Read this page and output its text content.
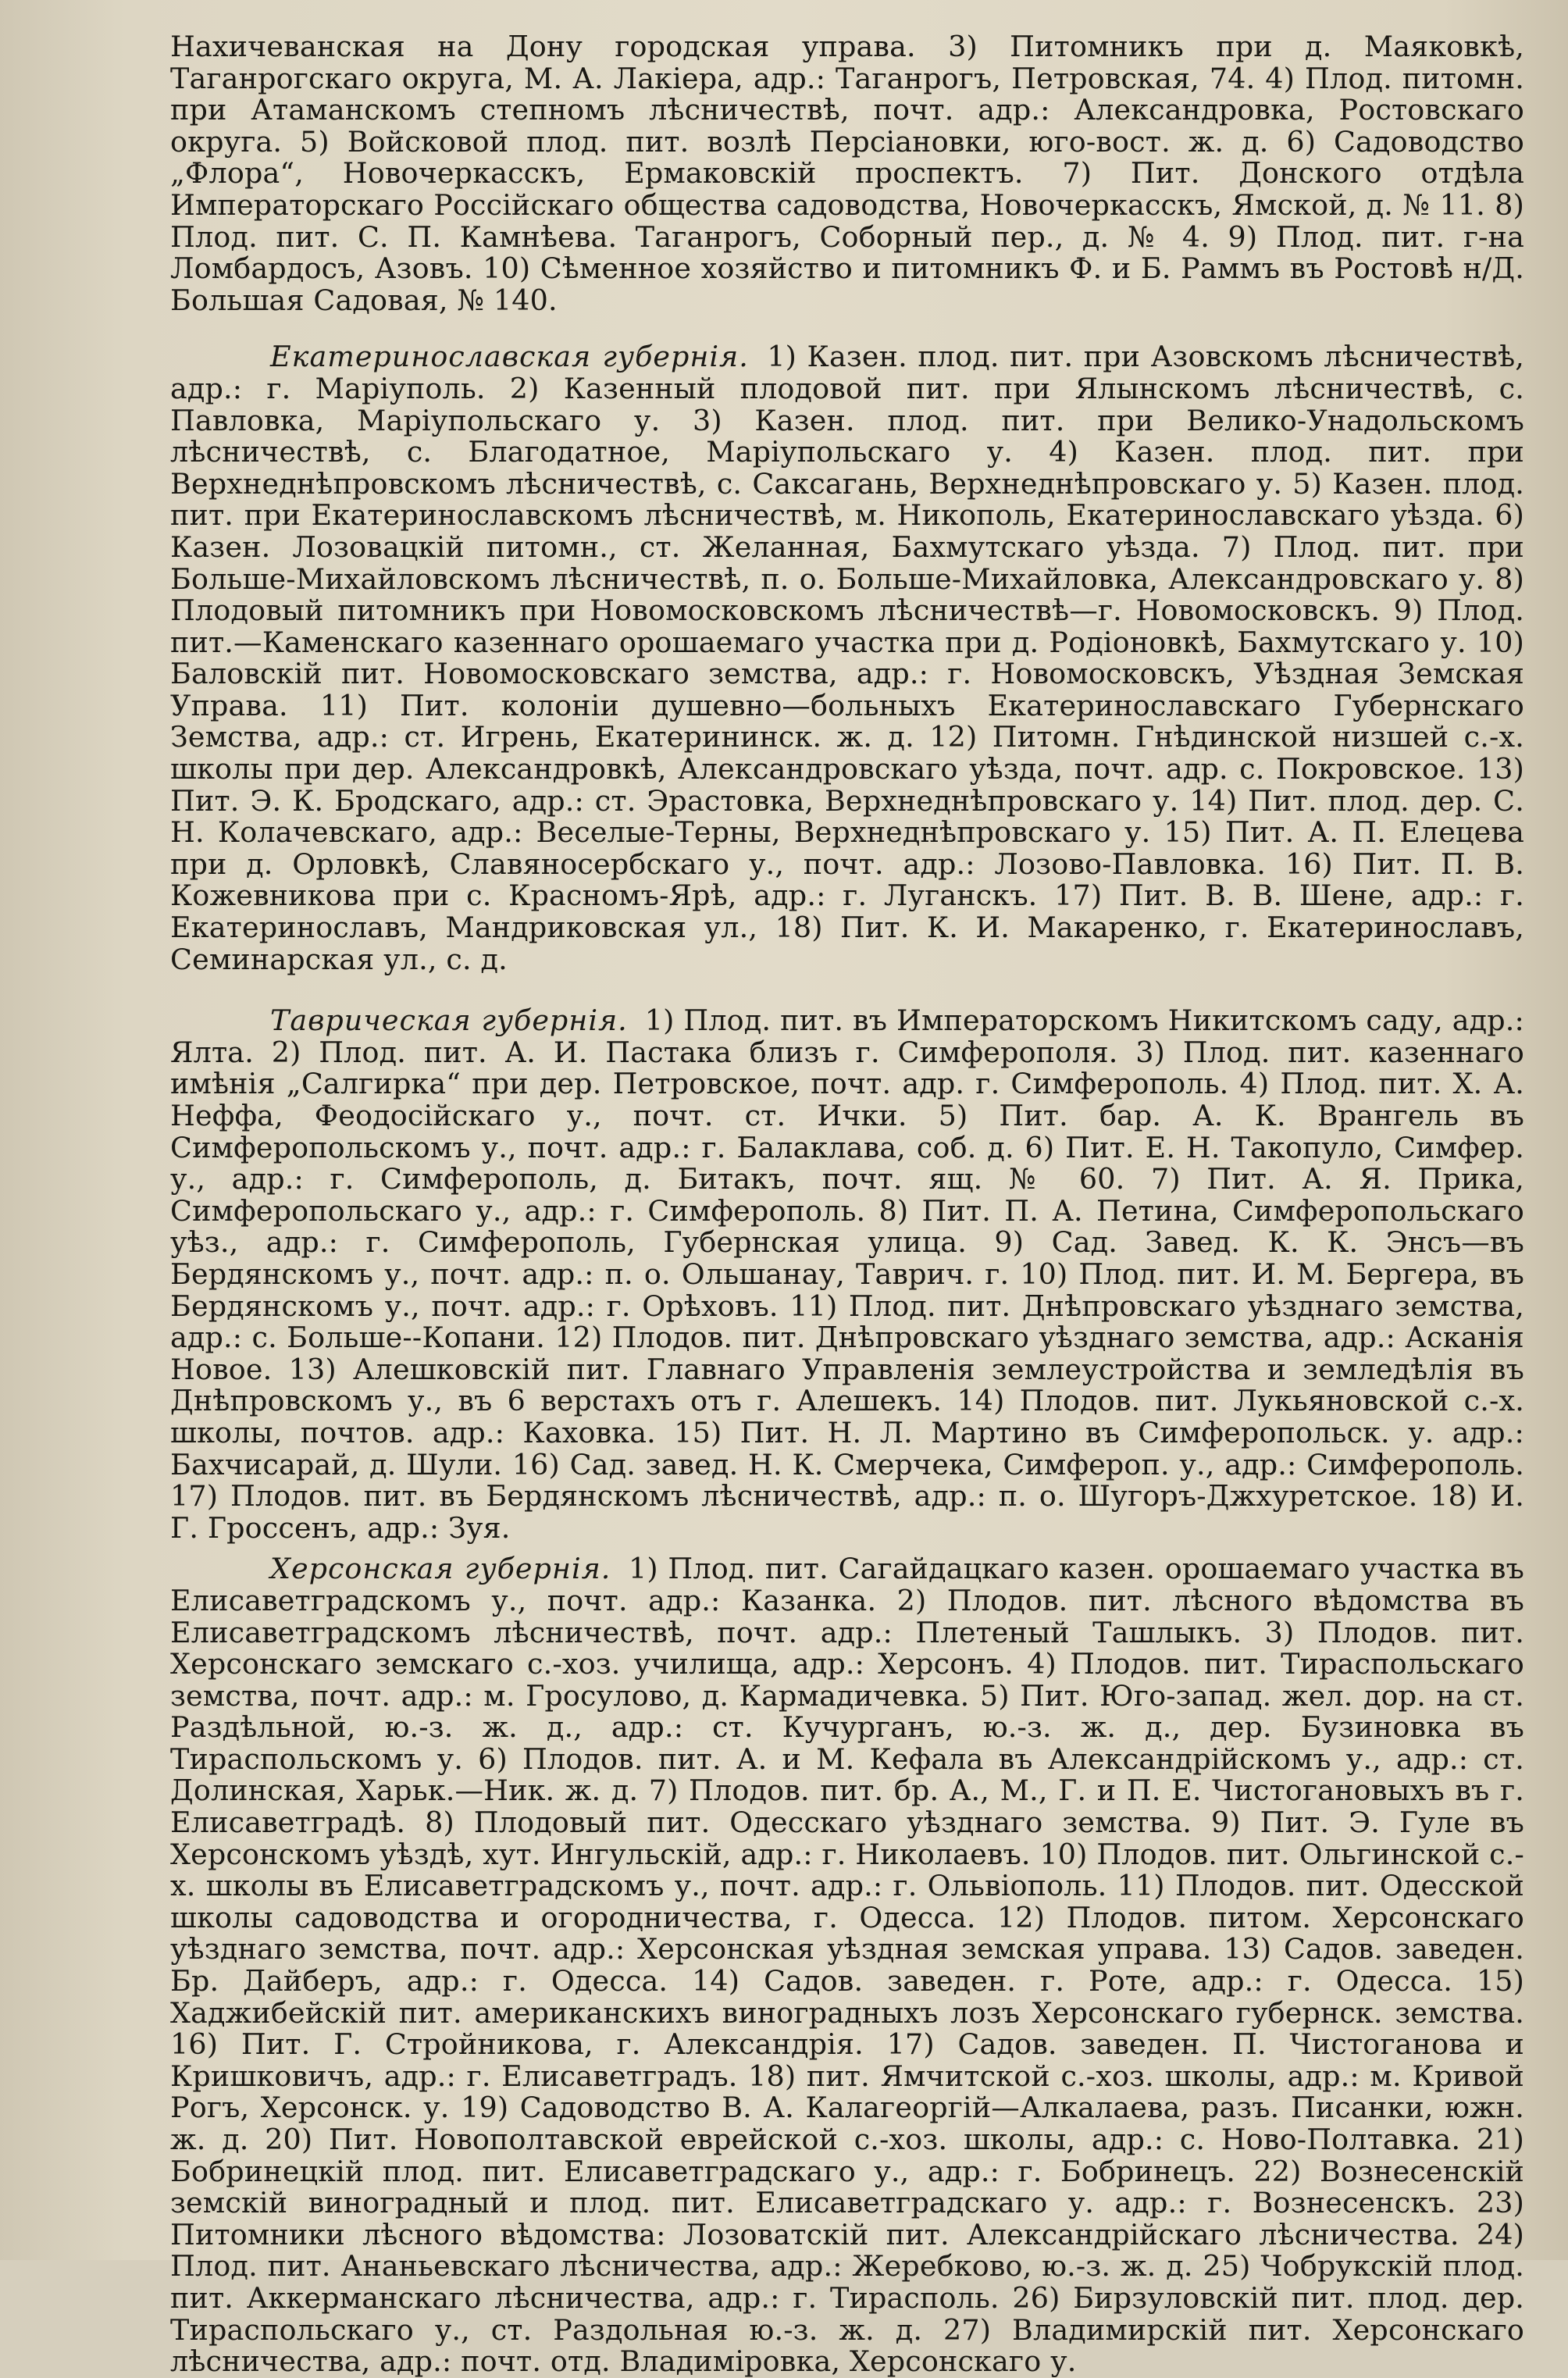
Нахичеванская на Дону городская управа. 3) Питомникъ при д. Маяковкѣ, Таганрогскаго округа, М. А. Лакіера, адр.: Таганрогъ, Петровская, 74. 4) Плод. питомн. при Атаманскомъ степномъ лѣсничествѣ, почт. адр.: Александровка, Ростовскаго округа. 5) Войсковой плод. пит. возлѣ Персіановки, юго-вост. ж. д. 6) Садоводство „Флора“, Новочеркасскъ, Ермаковскій проспектъ. 7) Пит. Донского отдѣла Императорскаго Россійскаго общества садоводства, Новочеркасскъ, Ямской, д. № 11. 8) Плод. пит. С. П. Камнѣева. Таганрогъ, Соборный пер., д. № 4. 9) Плод. пит. г-на Ломбардосъ, Азовъ. 10) Сѣменное хозяйство и питомникъ Ф. и Б. Раммъ въ Ростовѣ н/Д. Большая Садовая, № 140.

Екатеринославская губернія. 1) Казен. плод. пит. при Азовскомъ лѣсничествѣ, адр.: г. Маріуполь. 2) Казенный плодовой пит. при Ялынскомъ лѣсничествѣ, с. Павловка, Маріупольскаго у. 3) Казен. плод. пит. при Велико-Унадольскомъ лѣсничествѣ, с. Благодатное, Маріупольскаго у. 4) Казен. плод. пит. при Верхнеднѣпровскомъ лѣсничествѣ, с. Саксагань, Верхнеднѣпровскаго у. 5) Казен. плод. пит. при Екатеринославскомъ лѣсничествѣ, м. Никополь, Екатеринославскаго уѣзда. 6) Казен. Лозовацкій питомн., ст. Желанная, Бахмутскаго уѣзда. 7) Плод. пит. при Больше-Михайловскомъ лѣсничествѣ, п. о. Больше-Михайловка, Александровскаго у. 8) Плодовый питомникъ при Новомосковскомъ лѣсничествѣ—г. Новомосковскъ. 9) Плод. пит.—Каменскаго казеннаго орошаемаго участка при д. Родіоновкѣ, Бахмутскаго у. 10) Баловскій пит. Новомосковскаго земства, адр.: г. Новомосковскъ, Уѣздная Земская Управа. 11) Пит. колоніи душевно—больныхъ Екатеринославскаго Губернскаго Земства, адр.: ст. Игрень, Екатерининск. ж. д. 12) Питомн. Гнѣдинской низшей с.-х. школы при дер. Александровкѣ, Александровскаго уѣзда, почт. адр. с. Покровское. 13) Пит. Э. К. Бродскаго, адр.: ст. Эрастовка, Верхнеднѣпровскаго у. 14) Пит. плод. дер. С. Н. Колачевскаго, адр.: Веселые-Терны, Верхнеднѣпровскаго у. 15) Пит. А. П. Елецева при д. Орловкѣ, Славяносербскаго у., почт. адр.: Лозово-Павловка. 16) Пит. П. В. Кожевникова при с. Красномъ-Ярѣ, адр.: г. Луганскъ. 17) Пит. В. В. Шене, адр.: г. Екатеринославъ, Мандриковская ул., 18) Пит. К. И. Макаренко, г. Екатеринославъ, Семинарская ул., с. д.

Таврическая губернія. 1) Плод. пит. въ Императорскомъ Никитскомъ саду, адр.: Ялта. 2) Плод. пит. А. И. Пастака близъ г. Симферополя. 3) Плод. пит. казеннаго имѣнія „Салгирка“ при дер. Петровское, почт. адр. г. Симферополь. 4) Плод. пит. Х. А. Неффа, Феодосійскаго у., почт. ст. Ички. 5) Пит. бар. А. К. Врангель въ Симферопольскомъ у., почт. адр.: г. Балаклава, соб. д. 6) Пит. Е. Н. Такопуло, Симфер. у., адр.: г. Симферополь, д. Битакъ, почт. ящ. № 60. 7) Пит. А. Я. Прика, Симферопольскаго у., адр.: г. Симферополь. 8) Пит. П. А. Петина, Симферопольскаго уѣз., адр.: г. Симферополь, Губернская улица. 9) Сад. Завед. К. К. Энсъ—въ Бердянскомъ у., почт. адр.: п. о. Ольшанау, Таврич. г. 10) Плод. пит. И. М. Бергера, въ Бердянскомъ у., почт. адр.: г. Орѣховъ. 11) Плод. пит. Днѣпровскаго уѣзднаго земства, адр.: с. Больше--Копани. 12) Плодов. пит. Днѣпровскаго уѣзднаго земства, адр.: Асканія Новое. 13) Алешковскій пит. Главнаго Управленія землеустройства и земледѣлія въ Днѣпровскомъ у., въ 6 верстахъ отъ г. Алешекъ. 14) Плодов. пит. Лукьяновской с.-х. школы, почтов. адр.: Каховка. 15) Пит. Н. Л. Мартино въ Симферопольск. у. адр.: Бахчисарай, д. Шули. 16) Сад. завед. Н. К. Смерчека, Симфероп. у., адр.: Симферополь. 17) Плодов. пит. въ Бердянскомъ лѣсничествѣ, адр.: п. о. Шугоръ-Джхуретское. 18) И. Г. Гроссенъ, адр.: Зуя.

Херсонская губернія. 1) Плод. пит. Сагайдацкаго казен. орошаемаго участка въ Елисаветградскомъ у., почт. адр.: Казанка. 2) Плодов. пит. лѣсного вѣдомства въ Елисаветградскомъ лѣсничествѣ, почт. адр.: Плетеный Ташлыкъ. 3) Плодов. пит. Херсонскаго земскаго с.-хоз. училища, адр.: Херсонъ. 4) Плодов. пит. Тираспольскаго земства, почт. адр.: м. Гросулово, д. Кармадичевка. 5) Пит. Юго-запад. жел. дор. на ст. Раздѣльной, ю.-з. ж. д., адр.: ст. Кучурганъ, ю.-з. ж. д., дер. Бузиновка въ Тираспольскомъ у. 6) Плодов. пит. А. и М. Кефала въ Александрійскомъ у., адр.: ст. Долинская, Харьк.—Ник. ж. д. 7) Плодов. пит. бр. А., М., Г. и П. Е. Чистогановыхъ въ г. Елисаветградѣ. 8) Плодовый пит. Одесскаго уѣзднаго земства. 9) Пит. Э. Гуле въ Херсонскомъ уѣздѣ, хут. Ингульскій, адр.: г. Николаевъ. 10) Плодов. пит. Ольгинской с.-х. школы въ Елисаветградскомъ у., почт. адр.: г. Ольвіополь. 11) Плодов. пит. Одесской школы садоводства и огородничества, г. Одесса. 12) Плодов. питом. Херсонскаго уѣзднаго земства, почт. адр.: Херсонская уѣздная земская управа. 13) Садов. заведен. Бр. Дайберъ, адр.: г. Одесса. 14) Садов. заведен. г. Роте, адр.: г. Одесса. 15) Хаджибейскій пит. американскихъ виноградныхъ лозъ Херсонскаго губернск. земства. 16) Пит. Г. Стройникова, г. Александрія. 17) Садов. заведен. П. Чистоганова и Кришковичъ, адр.: г. Елисаветградъ. 18) пит. Ямчитской с.-хоз. школы, адр.: м. Кривой Рогъ, Херсонск. у. 19) Садоводство В. А. Калагеоргій—Алкалаева, разъ. Писанки, южн. ж. д. 20) Пит. Новополтавской еврейской с.-хоз. школы, адр.: с. Ново-Полтавка. 21) Бобринецкій плод. пит. Елисаветградскаго у., адр.: г. Бобринецъ. 22) Вознесенскій земскій виноградный и плод. пит. Елисаветградскаго у. адр.: г. Вознесенскъ. 23) Питомники лѣсного вѣдомства: Лозоватскій пит. Александрійскаго лѣсничества. 24) Плод. пит. Ананьевскаго лѣсничества, адр.: Жеребково, ю.-з. ж. д. 25) Чобрукскій плод. пит. Аккерманскаго лѣсничества, адр.: г. Тирасполь. 26) Бирзуловскій пит. плод. дер. Тираспольскаго у., ст. Раздольная ю.-з. ж. д. 27) Владимирскій пит. Херсонскаго лѣсничества, адр.: почт. отд. Владиміровка, Херсонскаго у.
